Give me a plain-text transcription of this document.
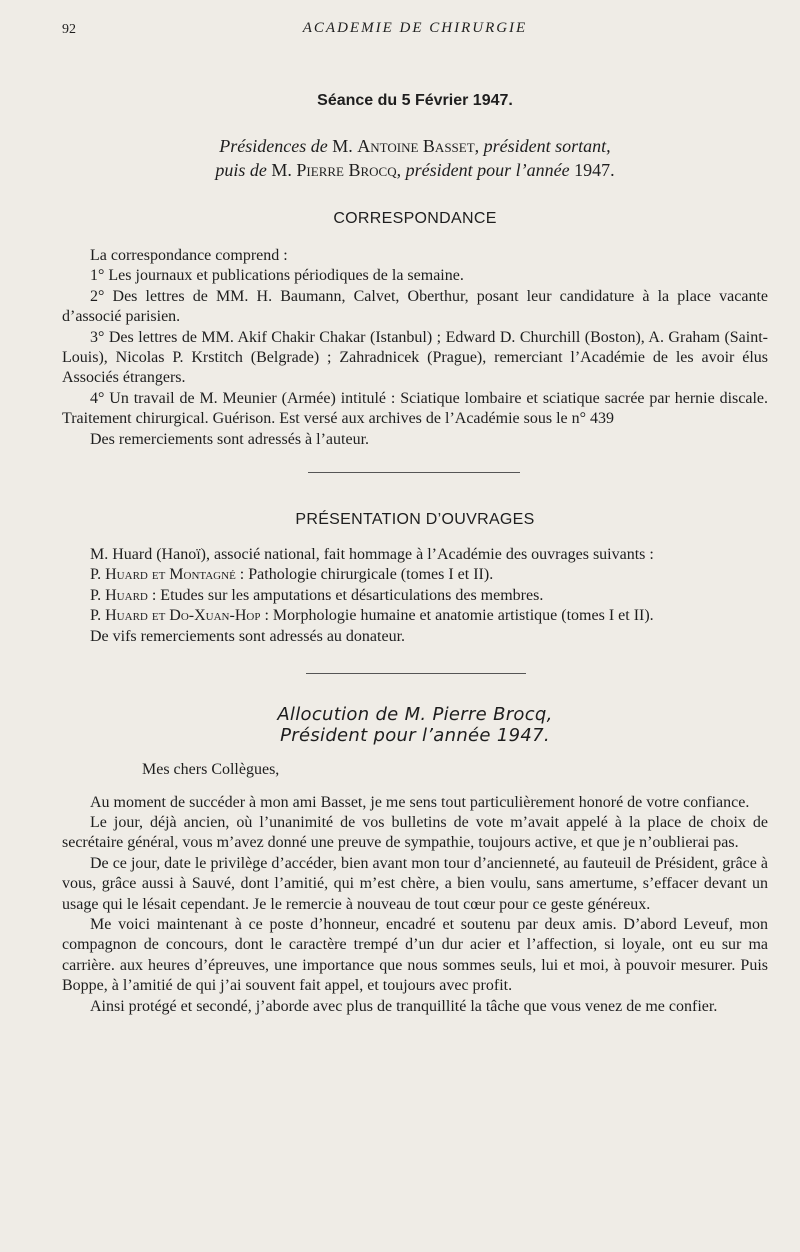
92	ACADEMIE DE CHIRURGIE
Séance du 5 Février 1947.
Présidences de M. Antoine Basset, président sortant,
puis de M. Pierre Brocq, président pour l’année 1947.
CORRESPONDANCE

La correspondance comprend :

1° Les journaux et publications périodiques de la semaine.

2° Des lettres de MM. H. Baumann, Calvet, Oberthur, posant leur candidature à la place vacante d’associé parisien.

3° Des lettres de MM. Akif Chakir Chakar (Istanbul) ; Edward D. Churchill (Boston), A. Graham (Saint-Louis), Nicolas P. Krstitch (Belgrade) ; Zahradnicek (Prague), remerciant l’Académie de les avoir élus Associés étrangers.

4° Un travail de M. Meunier (Armée) intitulé : Sciatique lombaire et sciatique sacrée par hernie discale. Traitement chirurgical. Guérison. Est versé aux archives de l’Académie sous le n° 439

Des remerciements sont adressés à l’auteur.

PRÉSENTATION D’OUVRAGES

M. Huard (Hanoï), associé national, fait hommage à l’Académie des ouvrages suivants :

P. Huard et Montagné : Pathologie chirurgicale (tomes I et II).

P. Huard : Etudes sur les amputations et désarticulations des membres.

P. Huard et Do-Xuan-Hop : Morphologie humaine et anatomie artistique (tomes I et II).

De vifs remerciements sont adressés au donateur.

Allocution de M. Pierre Brocq,
Président pour l’année 1947.

Mes chers Collègues,

Au moment de succéder à mon ami Basset, je me sens tout particulièrement honoré de votre confiance.

Le jour, déjà ancien, où l’unanimité de vos bulletins de vote m’avait appelé à la place de choix de secrétaire général, vous m’avez donné une preuve de sympathie, toujours active, et que je n’oublierai pas.

De ce jour, date le privilège d’accéder, bien avant mon tour d’ancienneté, au fauteuil de Président, grâce à vous, grâce aussi à Sauvé, dont l’amitié, qui m’est chère, a bien voulu, sans amertume, s’effacer devant un usage qui le lésait cependant. Je le remercie à nouveau de tout cœur pour ce geste généreux.

Me voici maintenant à ce poste d’honneur, encadré et soutenu par deux amis. D’abord Leveuf, mon compagnon de concours, dont le caractère trempé d’un dur acier et l’affection, si loyale, ont eu sur ma carrière. aux heures d’épreuves, une importance que nous sommes seuls, lui et moi, à pouvoir mesurer. Puis Boppe, à l’amitié de qui j’ai souvent fait appel, et toujours avec profit.

Ainsi protégé et secondé, j’aborde avec plus de tranquillité la tâche que vous venez de me confier.
